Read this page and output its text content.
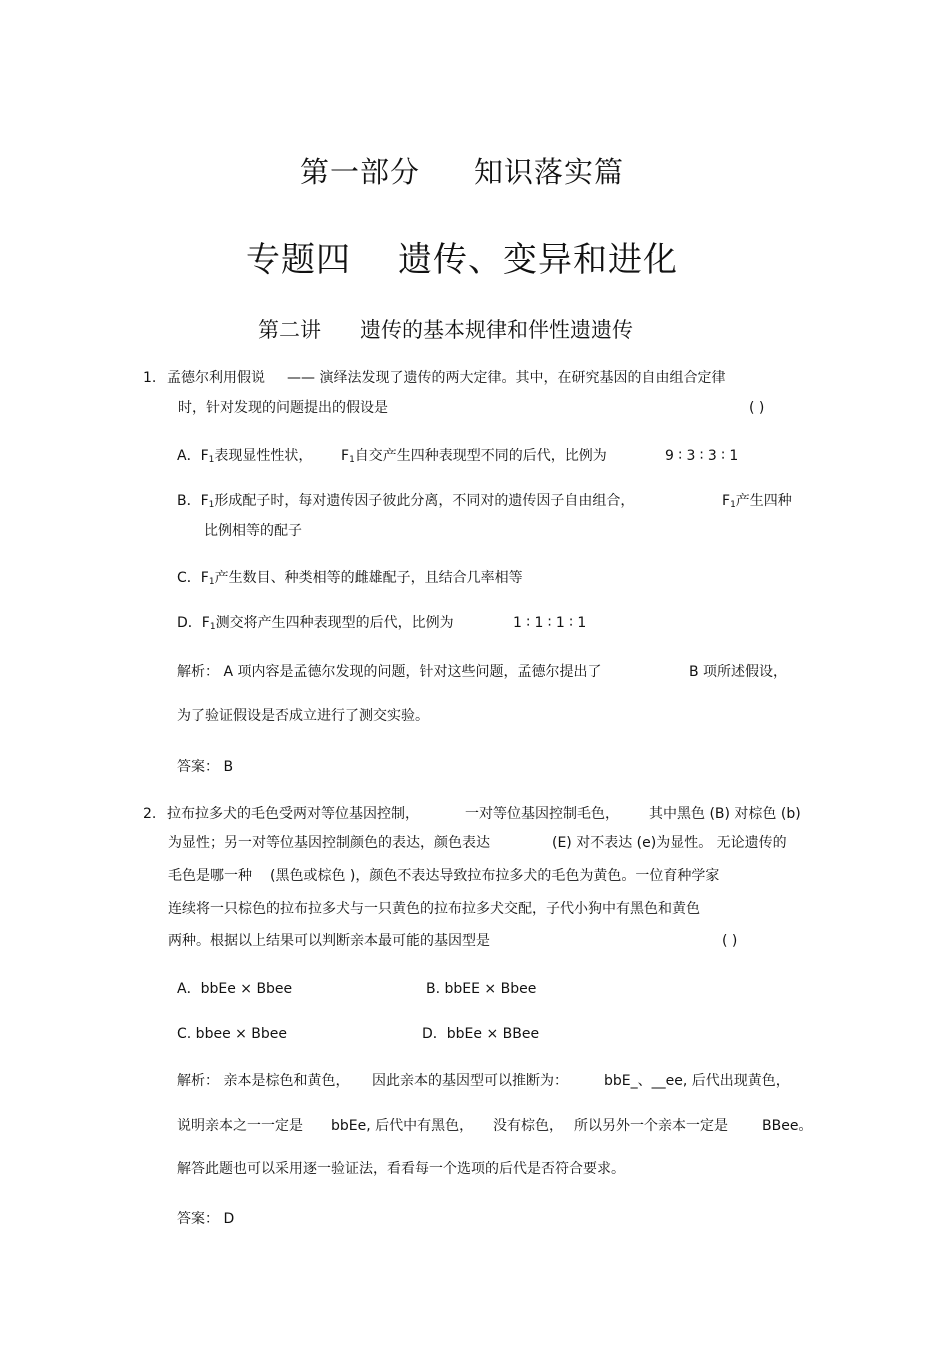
第一部分 知识落实篇
专题四 遗传、变异和进化
第二讲 遗传的基本规律和伴性遗遗传
1. 孟德尔利用假说 —— 演绎法发现了遗传的两大定律。其中，在研究基因的自由组合定律
时，针对发现的问题提出的假设是	( )
A．$F_1$表现显性性状， $F_1$自交产生四种表现型不同的后代，比例为	9 ∶ 3 ∶ 3 ∶ 1
B．$F_1$形成配子时，每对遗传因子彼此分离，不同对的遗传因子自由组合，	$F_1$产生四种
比例相等的配子
C．$F_1$产生数目、种类相等的雌雄配子，且结合几率相等
D．$F_1$测交将产生四种表现型的后代，比例为	1 ∶ 1 ∶ 1 ∶ 1
解析： A 项内容是孟德尔发现的问题，针对这些问题，孟德尔提出了	B 项所述假设，
为了验证假设是否成立进行了测交实验。
答案： B
2. 拉布拉多犬的毛色受两对等位基因控制，	一对等位基因控制毛色， 其中黑色 (B) 对棕色 (b)
为显性；另一对等位基因控制颜色的表达，颜色表达	(E) 对不表达 (e)为显性。 无论遗传的
毛色是哪一种 (黑色或棕色 )，颜色不表达导致拉布拉多犬的毛色为黄色。一位育种学家
连续将一只棕色的拉布拉多犬与一只黄色的拉布拉多犬交配，子代小狗中有黑色和黄色
两种。根据以上结果可以判断亲本最可能的基因型是	( )
A．bbEe × Bbee	B. bbEE × Bbee
C. bbee × Bbee	D．bbEe × BBee
解析： 亲本是棕色和黄色， 因此亲本的基因型可以推断为：	bbE_、__ee, 后代出现黄色，
说明亲本之一一定是 bbEe, 后代中有黑色， 没有棕色， 所以另外一个亲本一定是 BBee。
解答此题也可以采用逐一验证法，看看每一个选项的后代是否符合要求。
答案： D
